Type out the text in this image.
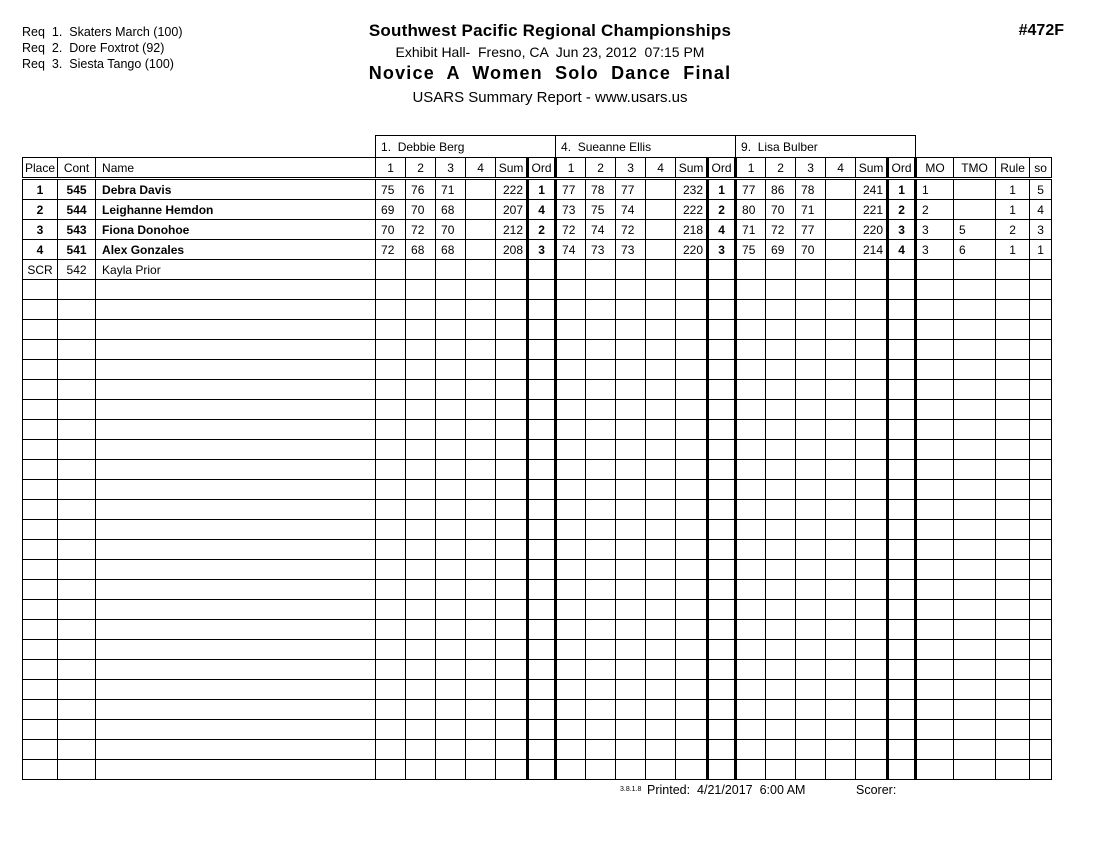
Req  1.  Skaters March (100)
Req  2.  Dore Foxtrot (92)
Req  3.  Siesta Tango (100)
Southwest Pacific Regional Championships
Exhibit Hall-  Fresno, CA  Jun 23, 2012  07:15 PM
Novice A Women Solo Dance Final
USARS Summary Report - www.usars.us
#472F
			1.  Debbie Berg						4.  Sueanne Ellis						9.  Lisa Bulber									
Place	Cont	Name	1	2	3	4	Sum	Ord	1	2	3	4	Sum	Ord	1	2	3	4	Sum	Ord	MO	TMO	Rule	so
1	545	Debra Davis	75	76	71		222	1	77	78	77		232	1	77	86	78		241	1	1		1	5
2	544	Leighanne Hemdon	69	70	68		207	4	73	75	74		222	2	80	70	71		221	2	2		1	4
3	543	Fiona Donohoe	70	72	70		212	2	72	74	72		218	4	71	72	77		220	3	3	5	2	3
4	541	Alex Gonzales	72	68	68		208	3	74	73	73		220	3	75	69	70		214	4	3	6	1	1
SCR	542	Kayla Prior																						

3.8.1.8 Printed:  4/21/2017  6:00 AM	Scorer:
